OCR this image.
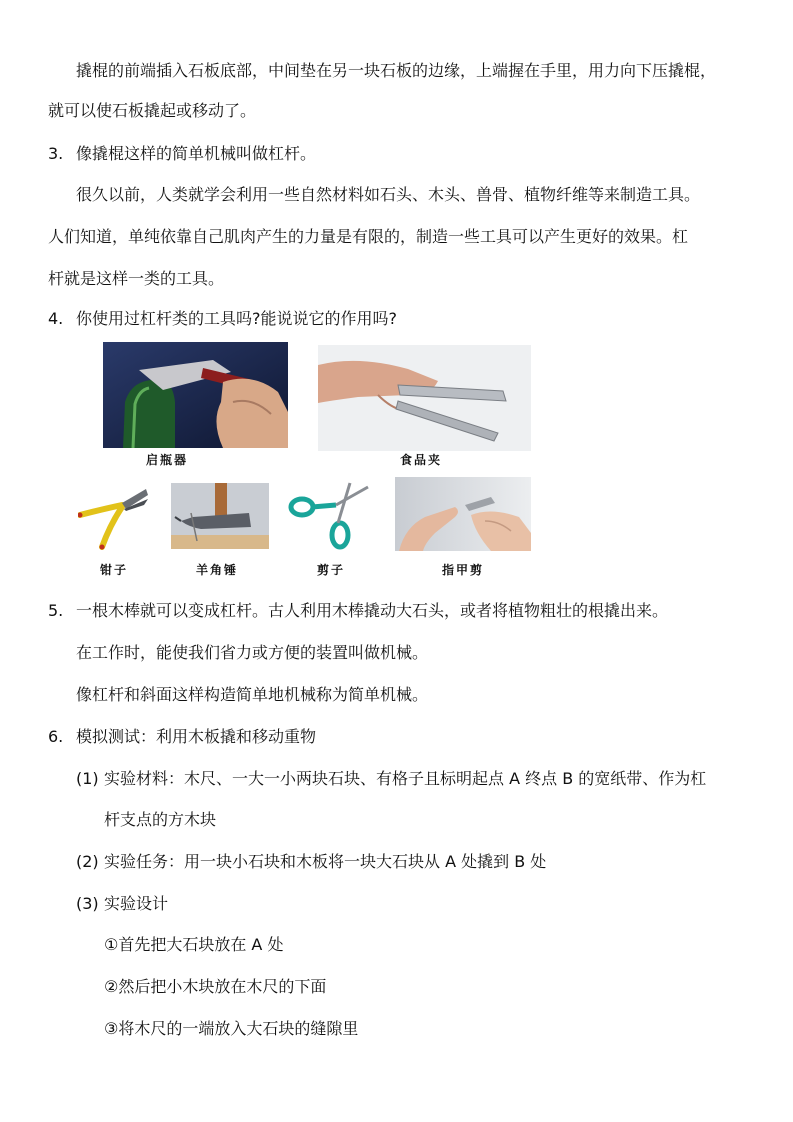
撬棍的前端插入石板底部，中间垫在另一块石板的边缘，上端握在手里，用力向下压撬棍，
就可以使石板撬起或移动了。
3. 像撬棍这样的简单机械叫做杠杆。
很久以前，人类就学会利用一些自然材料如石头、木头、兽骨、植物纤维等来制造工具。
人们知道，单纯依靠自己肌肉产生的力量是有限的，制造一些工具可以产生更好的效果。杠
杆就是这样一类的工具。
4. 你使用过杠杆类的工具吗?能说说它的作用吗?
启瓶器	食品夹
钳子	羊角锤	剪子	指甲剪
5. 一根木棒就可以变成杠杆。古人利用木棒撬动大石头，或者将植物粗壮的根撬出来。
在工作时，能使我们省力或方便的装置叫做机械。
像杠杆和斜面这样构造简单地机械称为简单机械。
6. 模拟测试：利用木板撬和移动重物
(1) 实验材料：木尺、一大一小两块石块、有格子且标明起点 A 终点 B 的宽纸带、作为杠
杆支点的方木块
(2) 实验任务：用一块小石块和木板将一块大石块从 A 处撬到 B 处
(3) 实验设计
①首先把大石块放在 A 处
②然后把小木块放在木尺的下面
③将木尺的一端放入大石块的缝隙里
